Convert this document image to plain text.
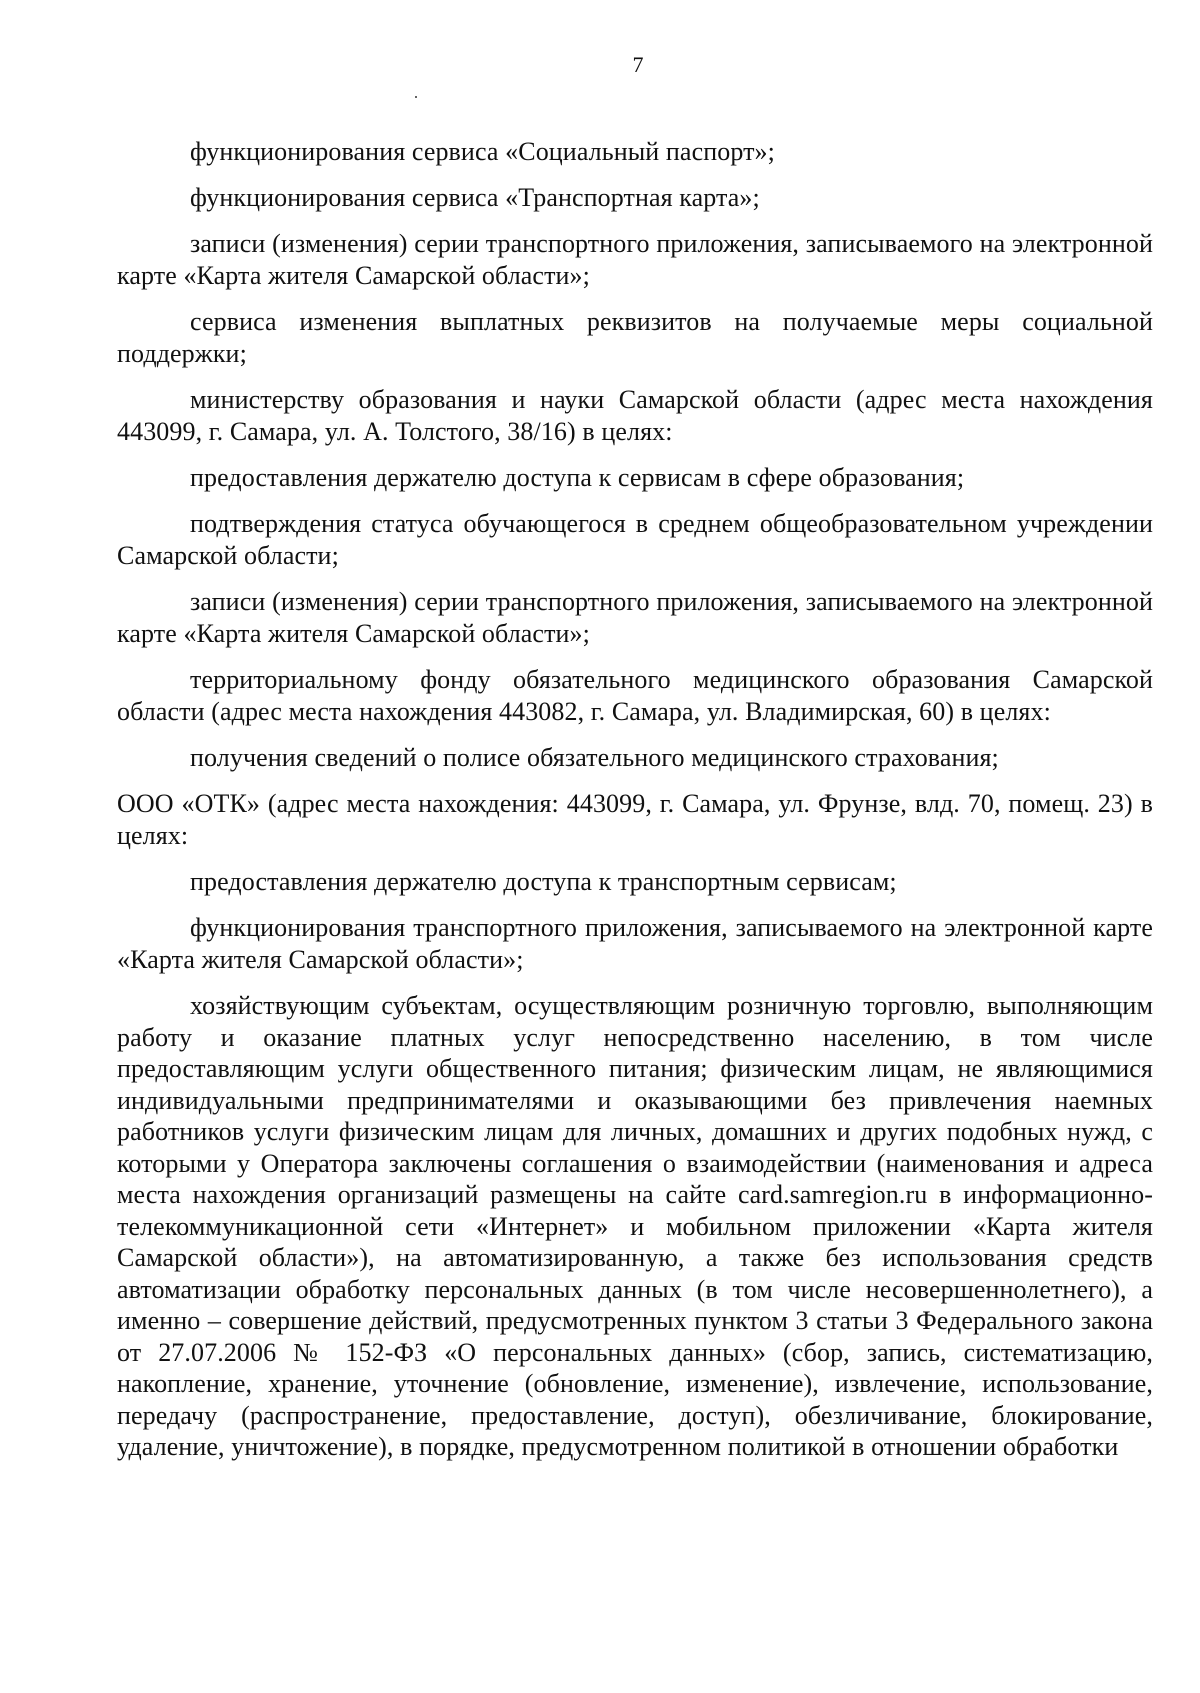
7

функционирования сервиса «Социальный паспорт»;

функционирования сервиса «Транспортная карта»;

записи (изменения) серии транспортного приложения, записываемого на электронной карте «Карта жителя Самарской области»;

сервиса изменения выплатных реквизитов на получаемые меры социальной поддержки;

министерству образования и науки Самарской области (адрес места нахождения 443099, г. Самара, ул. А. Толстого, 38/16) в целях:

предоставления держателю доступа к сервисам в сфере образования;

подтверждения статуса обучающегося в среднем общеобразовательном учреждении Самарской области;

записи (изменения) серии транспортного приложения, записываемого на электронной карте «Карта жителя Самарской области»;

территориальному фонду обязательного медицинского образования Самарской области (адрес места нахождения 443082, г. Самара, ул. Владимирская, 60) в целях:

получения сведений о полисе обязательного медицинского страхования;

ООО «ОТК» (адрес места нахождения: 443099, г. Самара, ул. Фрунзе, влд. 70, помещ. 23) в целях:

предоставления держателю доступа к транспортным сервисам;

функционирования транспортного приложения, записываемого на электронной карте «Карта жителя Самарской области»;

хозяйствующим субъектам, осуществляющим розничную торговлю, выполняющим работу и оказание платных услуг непосредственно населению, в том числе предоставляющим услуги общественного питания; физическим лицам, не являющимися индивидуальными предпринимателями и оказывающими без привлечения наемных работников услуги физическим лицам для личных, домашних и других подобных нужд, с которыми у Оператора заключены соглашения о взаимодействии (наименования и адреса места нахождения организаций размещены на сайте card.samregion.ru в информационно-телекоммуникационной сети «Интернет» и мобильном приложении «Карта жителя Самарской области»), на автоматизированную, а также без использования средств автоматизации обработку персональных данных (в том числе несовершеннолетнего), а именно – совершение действий, предусмотренных пунктом 3 статьи 3 Федерального закона от 27.07.2006 № 152-ФЗ «О персональных данных» (сбор, запись, систематизацию, накопление, хранение, уточнение (обновление, изменение), извлечение, использование, передачу (распространение, предоставление, доступ), обезличивание, блокирование, удаление, уничтожение), в порядке, предусмотренном политикой в отношении обработки
